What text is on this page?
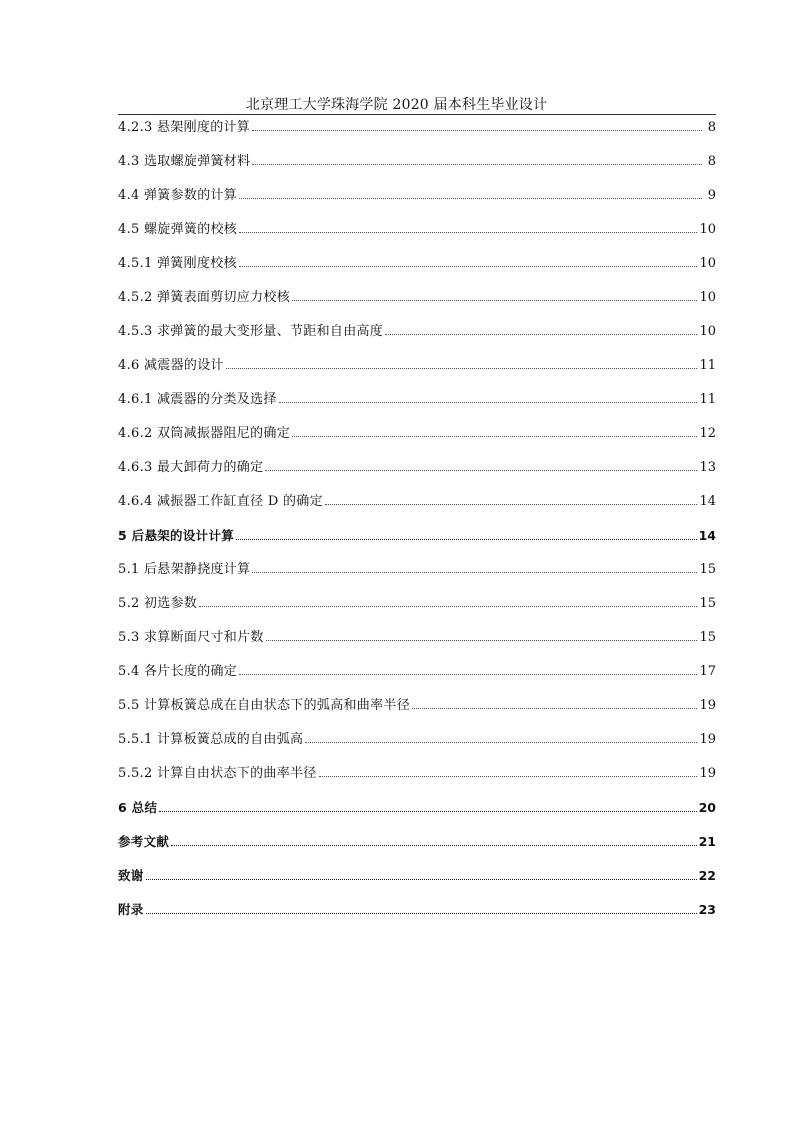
北京理工大学珠海学院 2020 届本科生毕业设计
4.2.3 悬架刚度的计算	8
4.3 选取螺旋弹簧材料	8
4.4 弹簧参数的计算	9
4.5 螺旋弹簧的校核	10
4.5.1 弹簧刚度校核	10
4.5.2 弹簧表面剪切应力校核	10
4.5.3 求弹簧的最大变形量、节距和自由高度	10
4.6 减震器的设计	11
4.6.1 减震器的分类及选择	11
4.6.2 双筒减振器阻尼的确定	12
4.6.3 最大卸荷力的确定	13
4.6.4 减振器工作缸直径 D 的确定	14
5 后悬架的设计计算	14
5.1 后悬架静挠度计算	15
5.2 初选参数	15
5.3 求算断面尺寸和片数	15
5.4 各片长度的确定	17
5.5 计算板簧总成在自由状态下的弧高和曲率半径	19
5.5.1 计算板簧总成的自由弧高	19
5.5.2 计算自由状态下的曲率半径	19
6 总结	20
参考文献	21
致谢	22
附录	23
